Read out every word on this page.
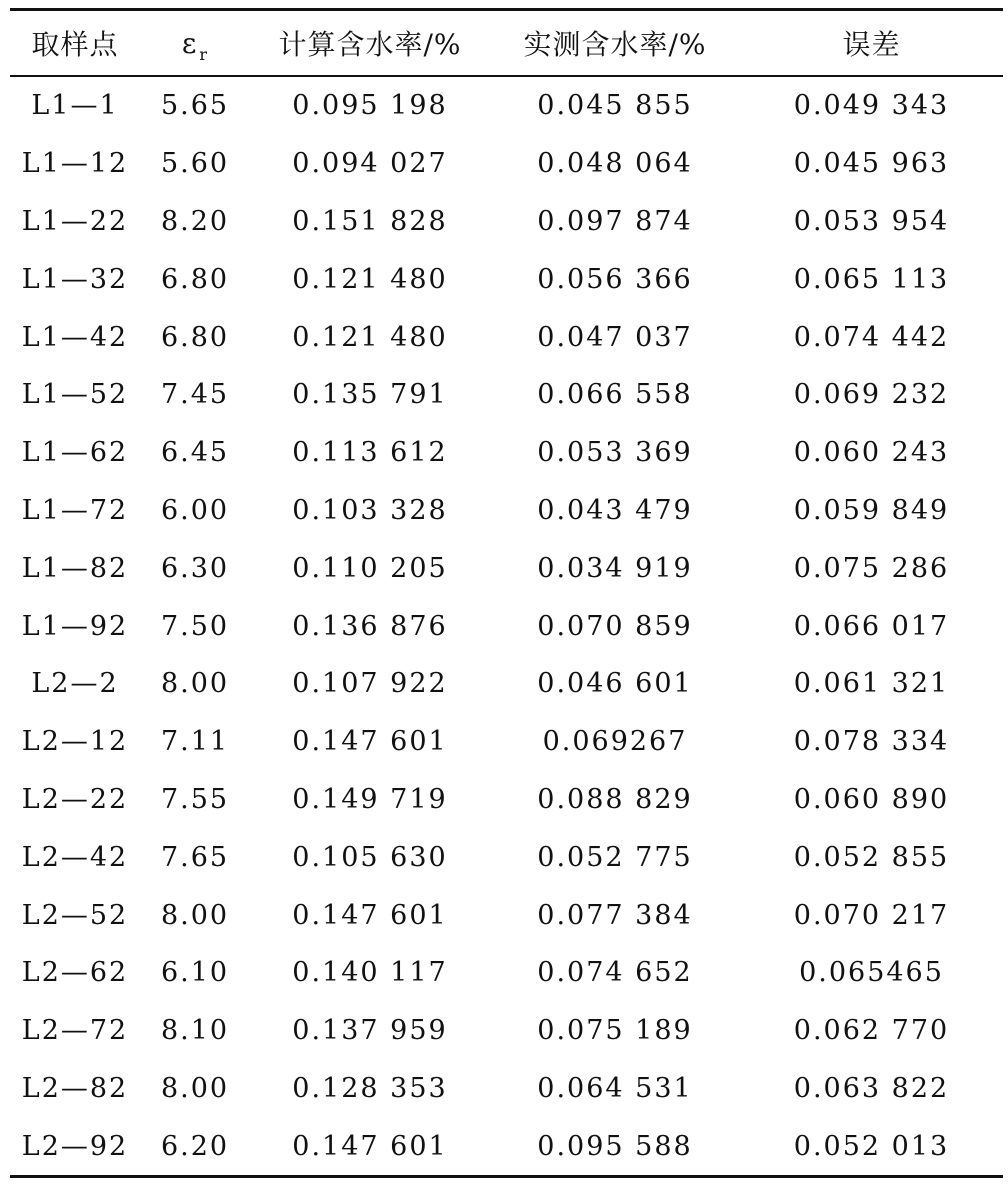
取样点	ε $_r$	计算含水率/%	实测含水率/%	误差
L1—1	5.65	0.095 198	0.045 855	0.049 343
L1—12	5.60	0.094 027	0.048 064	0.045 963
L1—22	8.20	0.151 828	0.097 874	0.053 954
L1—32	6.80	0.121 480	0.056 366	0.065 113
L1—42	6.80	0.121 480	0.047 037	0.074 442
L1—52	7.45	0.135 791	0.066 558	0.069 232
L1—62	6.45	0.113 612	0.053 369	0.060 243
L1—72	6.00	0.103 328	0.043 479	0.059 849
L1—82	6.30	0.110 205	0.034 919	0.075 286
L1—92	7.50	0.136 876	0.070 859	0.066 017
L2—2	8.00	0.107 922	0.046 601	0.061 321
L2—12	7.11	0.147 601	0.069267	0.078 334
L2—22	7.55	0.149 719	0.088 829	0.060 890
L2—42	7.65	0.105 630	0.052 775	0.052 855
L2—52	8.00	0.147 601	0.077 384	0.070 217
L2—62	6.10	0.140 117	0.074 652	0.065465
L2—72	8.10	0.137 959	0.075 189	0.062 770
L2—82	8.00	0.128 353	0.064 531	0.063 822
L2—92	6.20	0.147 601	0.095 588	0.052 013
